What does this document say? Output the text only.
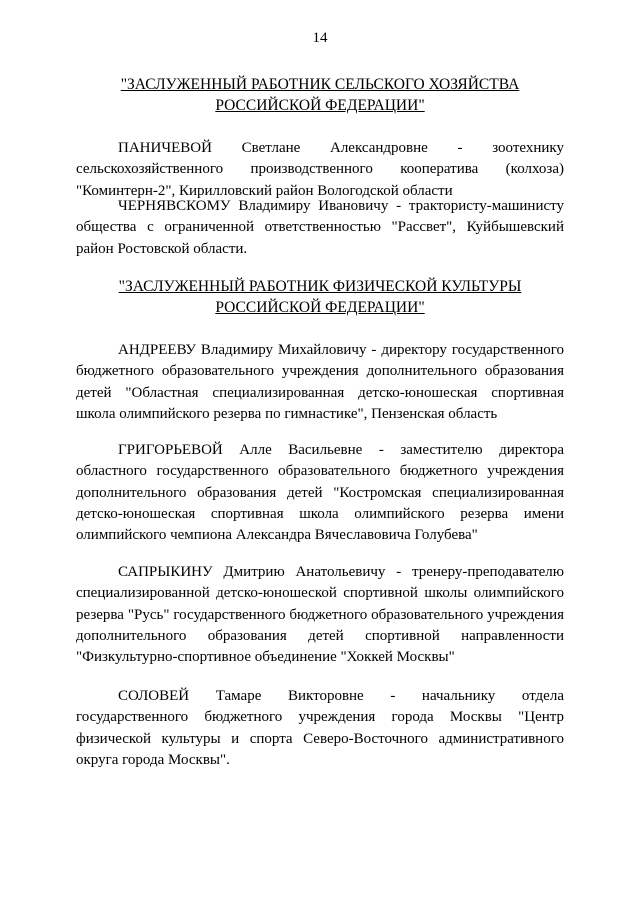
14
"ЗАСЛУЖЕННЫЙ РАБОТНИК СЕЛЬСКОГО ХОЗЯЙСТВА
РОССИЙСКОЙ ФЕДЕРАЦИИ"

ПАНИЧЕВОЙ Светлане Александровне - зоотехнику сельскохозяйственного производственного кооператива (колхоза) "Коминтерн-2", Кирилловский район Вологодской области

ЧЕРНЯВСКОМУ Владимиру Ивановичу - трактористу-машинисту общества с ограниченной ответственностью "Рассвет", Куйбышевский район Ростовской области.

"ЗАСЛУЖЕННЫЙ РАБОТНИК ФИЗИЧЕСКОЙ КУЛЬТУРЫ
РОССИЙСКОЙ ФЕДЕРАЦИИ"

АНДРЕЕВУ Владимиру Михайловичу - директору государственного бюджетного образовательного учреждения дополнительного образования детей "Областная специализированная детско-юношеская спортивная школа олимпийского резерва по гимнастике", Пензенская область

ГРИГОРЬЕВОЙ Алле Васильевне - заместителю директора областного государственного образовательного бюджетного учреждения дополнительного образования детей "Костромская специализированная детско-юношеская спортивная школа олимпийского резерва имени олимпийского чемпиона Александра Вячеславовича Голубева"

САПРЫКИНУ Дмитрию Анатольевичу - тренеру-преподавателю специализированной детско-юношеской спортивной школы олимпийского резерва "Русь" государственного бюджетного образовательного учреждения дополнительного образования детей спортивной направленности "Физкультурно-спортивное объединение "Хоккей Москвы"

СОЛОВЕЙ Тамаре Викторовне - начальнику отдела государственного бюджетного учреждения города Москвы "Центр физической культуры и спорта Северо-Восточного административного округа города Москвы".
